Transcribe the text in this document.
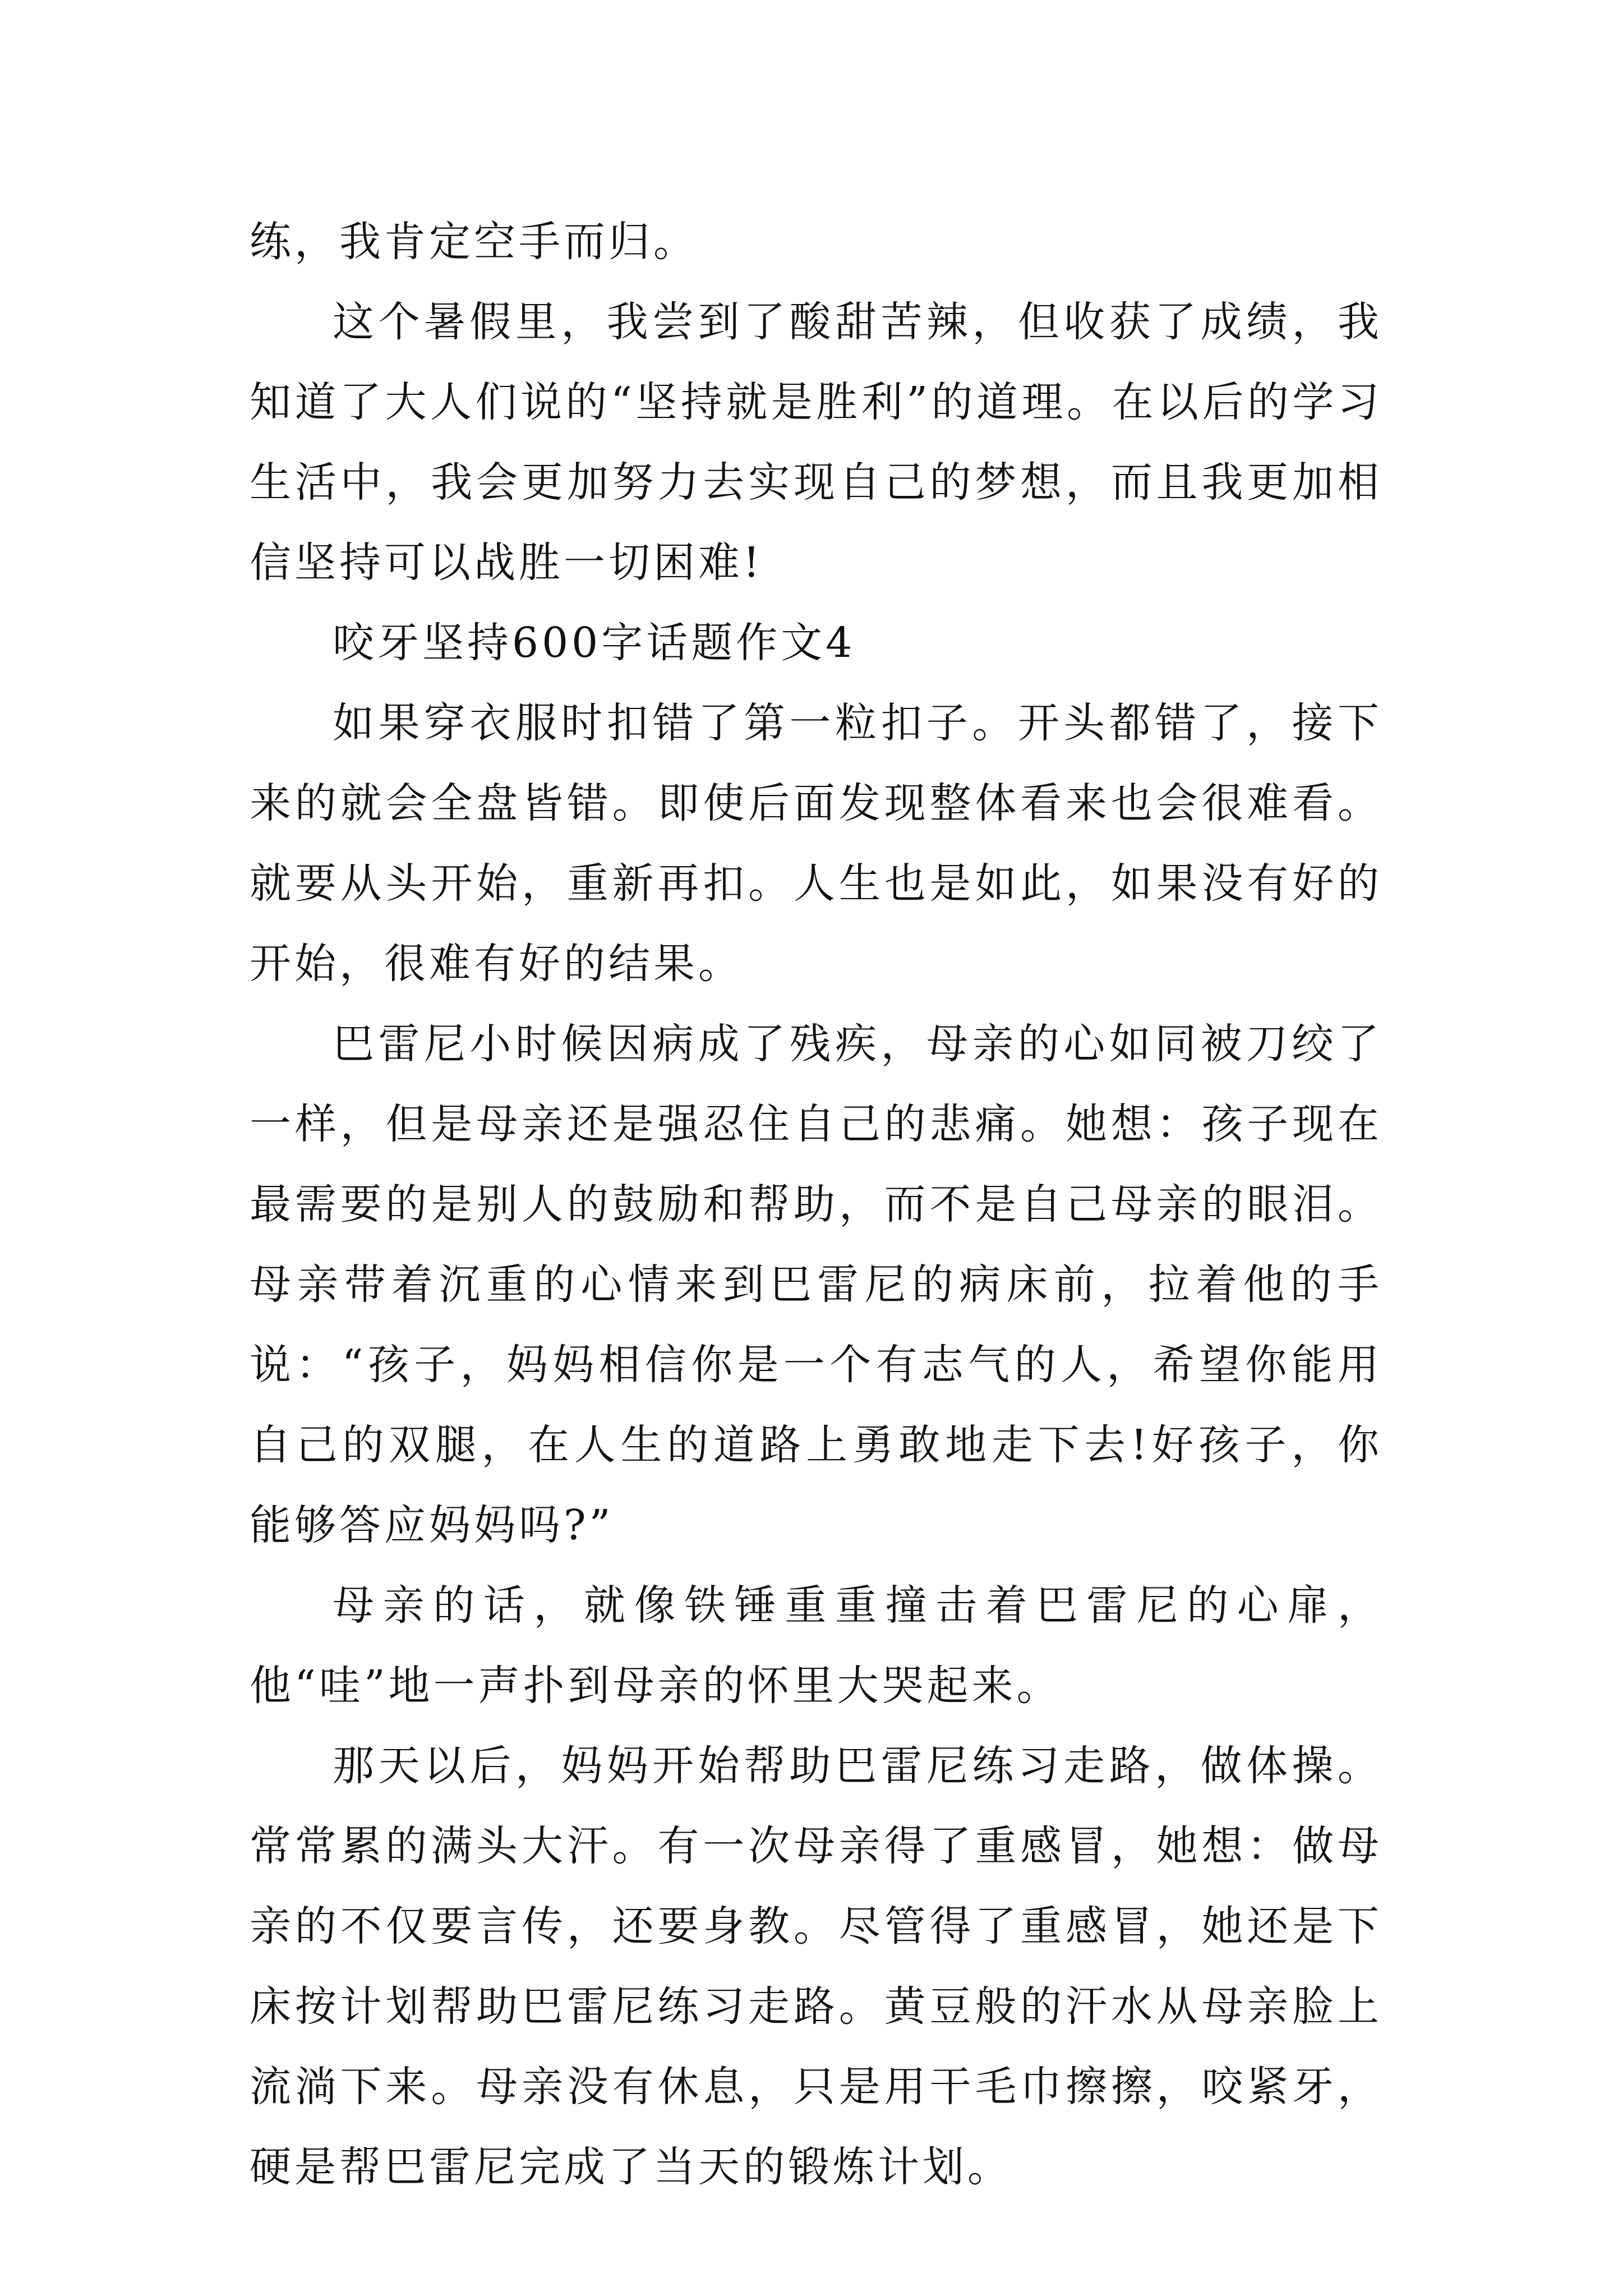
练，我肯定空手而归。

这个暑假里，我尝到了酸甜苦辣，但收获了成绩，我知道了大人们说的“坚持就是胜利”的道理。在以后的学习生活中，我会更加努力去实现自己的梦想，而且我更加相信坚持可以战胜一切困难!

咬牙坚持600字话题作文4

如果穿衣服时扣错了第一粒扣子。开头都错了，接下来的就会全盘皆错。即使后面发现整体看来也会很难看。就要从头开始，重新再扣。人生也是如此，如果没有好的开始，很难有好的结果。

巴雷尼小时候因病成了残疾，母亲的心如同被刀绞了一样，但是母亲还是强忍住自己的悲痛。她想：孩子现在最需要的是别人的鼓励和帮助，而不是自己母亲的眼泪。母亲带着沉重的心情来到巴雷尼的病床前，拉着他的手说：“孩子，妈妈相信你是一个有志气的人，希望你能用自己的双腿，在人生的道路上勇敢地走下去!好孩子，你能够答应妈妈吗?”

母亲的话，就像铁锤重重撞击着巴雷尼的心扉，他“哇”地一声扑到母亲的怀里大哭起来。

那天以后，妈妈开始帮助巴雷尼练习走路，做体操。常常累的满头大汗。有一次母亲得了重感冒，她想：做母亲的不仅要言传，还要身教。尽管得了重感冒，她还是下床按计划帮助巴雷尼练习走路。黄豆般的汗水从母亲脸上流淌下来。母亲没有休息，只是用干毛巾擦擦，咬紧牙，硬是帮巴雷尼完成了当天的锻炼计划。
